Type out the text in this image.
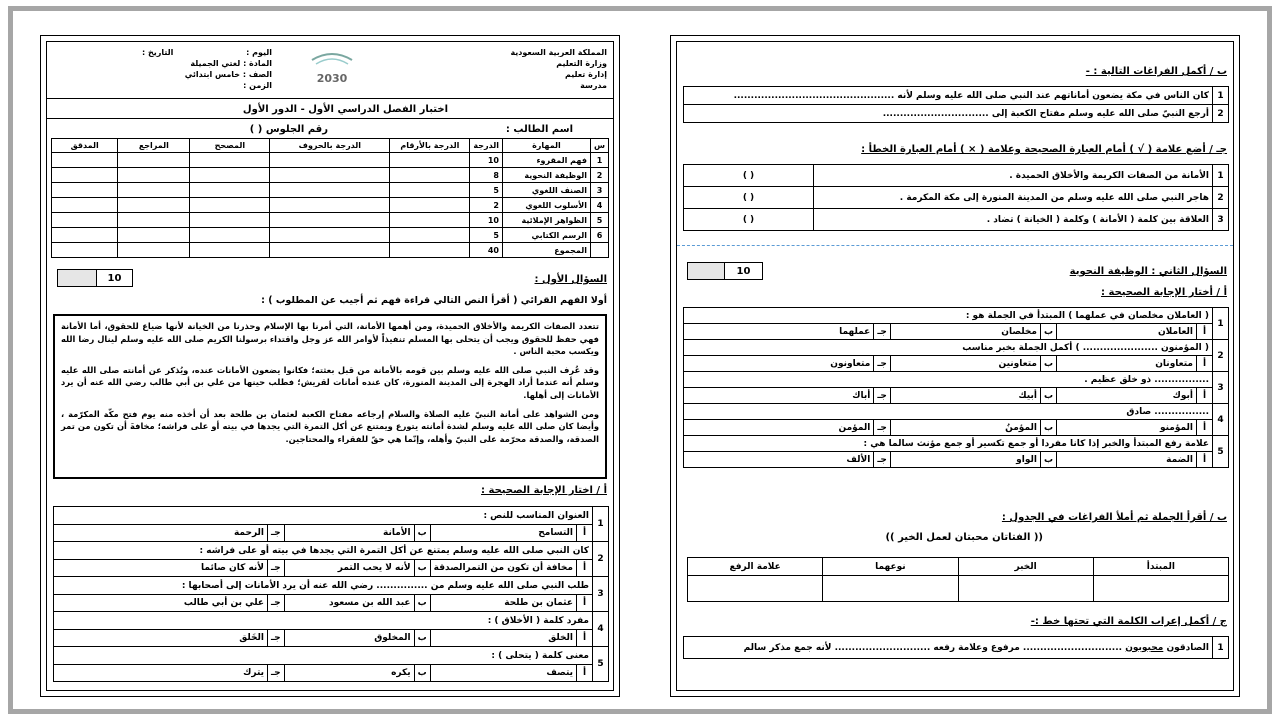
المملكة العربية السعودية
وزارة التعليم
إدارة تعليم
مدرسة
2030
اليوم :
التاريخ :
المادة : لغتي الجميلة
الصف : خامس ابتدائي
الزمن :
اختبار الفصل الدراسي الأول - الدور الأول
اسم الطالب :
رقم الجلوس ( )
س	المهارة	الدرجة	الدرجة بالأرقام	الدرجة بالحروف	المصحح	المراجع	المدقق
1	فهم المقروء	10					
2	الوظيفة النحوية	8					
3	الصنف اللغوي	5					
4	الأسلوب اللغوي	2					
5	الظواهر الإملائية	10					
6	الرسم الكتابي	5					
	المجموع	40					
10	السؤال الأول :
أولا الفهم القرائي ( أقرأ النص التالي قراءة فهم ثم أجيب عن المطلوب ) :

تتعدد الصفات الكريمة والأخلاق الحميدة، ومن أهمها الأمانة، التي أمرنا بها الإسلام وحذرنا من الخيانة لأنها ضياع للحقوق، أما الأمانة فهي حفظ للحقوق ويجب أن يتحلى بها المسلم تنفيذاً لأوامر الله عز وجل واقتداء برسولنا الكريم صلى الله عليه وسلم لينال رضا الله ويكسب محبة الناس .

وقد عُرف النبي صلى الله عليه وسلم بين قومه بالأمانة من قبل بعثته؛ فكانوا يضعون الأمانات عنده، ويُذكر عن أمانته صلى الله عليه وسلم أنه عندما أراد الهجرة إلى المدينة المنورة، كان عنده أمانات لقريش؛ فطلب حينها من علي بن أبي طالب رضي الله عنه أن يرد الأمانات إلى أهلها.

ومن الشواهد على أمانة النبيّ عليه الصلاة والسلام إرجاعه مفتاح الكعبة لعثمان بن طلحة بعد أن أخذه منه يوم فتح مكّة المكرّمة ، وأيضا كان صلى الله عليه وسلم لشدة أمانته يتورع ويمتنع عن أكل التمرة التي يجدها في بيته أو على فراشه؛ مخافةَ أن تكون من تمر الصدقة، والصدقة محرّمة على النبيّ وأهله، وإنّما هي حقّ للفقراء والمحتاجين.

أ / اختار الإجابة الصحيحة :
1	العنوان المناسب للنص :					
	أ	التسامح	ب	الأمانة	جـ	الرحمة
2	كان النبي صلى الله عليه وسلم يمتنع عن أكل التمرة التي يجدها في بيته أو على فراشه :					
	أ	مخافة أن تكون من التمرالصدقة	ب	لأنه لا يحب التمر	جـ	لأنه كان صائما
3	طلب النبي صلى الله عليه وسلم من ............... رضي الله عنه أن يرد الأمانات إلى أصحابها :					
	أ	عثمان بن طلحة	ب	عبد الله بن مسعود	جـ	علي بن أبي طالب
4	مفرد كلمة ( الأخلاق ) :					
	أ	الخلق	ب	المخلوق	جـ	الخَلق
5	معنى كلمة ( يتحلى ) :					
	أ	يتصف	ب	يكره	جـ	يترك
ب / أكمل الفراغات التالية : -
1	كان الناس في مكة يضعون أماناتهم عند النبي صلى الله عليه وسلم لأنه ...............................................
2	أرجع النبيّ صلى الله عليه وسلم مفتاح الكعبة إلى ...............................
جـ / أضع علامة ( √ ) أمام العبارة الصحيحة وعلامة ( × ) أمام العبارة الخطأ :
1	الأمانة من الصفات الكريمة والأخلاق الحميدة .	( )
2	هاجر النبي صلى الله عليه وسلم من المدينة المنورة إلى مكة المكرمة .	( )
3	العلاقة بين كلمة ( الأمانة ) وكلمة ( الخيانة ) تضاد .	( )
10	السؤال الثاني : الوظيفة النحوية
أ / أختار الإجابة الصحيحة :
1	( العاملان مخلصان في عملهما ) المبتدأ في الجملة هو :					
	أ	العاملان	ب	مخلصان	جـ	عملهما
2	( المؤمنون ...................... ) أكمل الجملة بخبر مناسب					
	أ	متعاونان	ب	متعاونين	جـ	متعاونون
3	................ ذو خلق عظيم .					
	أ	أبوك	ب	أبيك	جـ	أباك
4	................ صادق					
	أ	المؤمنو	ب	المؤمنُ	جـ	المؤمن
5	علامة رفع المبتدأ والخبر إذا كانا مفردا أو جمع تكسير أو جمع مؤنث سالما هي :					
	أ	الضمة	ب	الواو	جـ	الألف
ب / أقرأ الجملة ثم أملأ الفراغات في الجدول :
(( الفتاتان محبتان لعمل الخير ))
المبتدأ	الخبر	نوعهما	علامة الرفع

ج / أكمل إعراب الكلمة التي تحتها خط :-
1	الصادقون محبوبون ............................. مرفوع وعلامة رفعه ............................ لأنه جمع مذكر سالم
